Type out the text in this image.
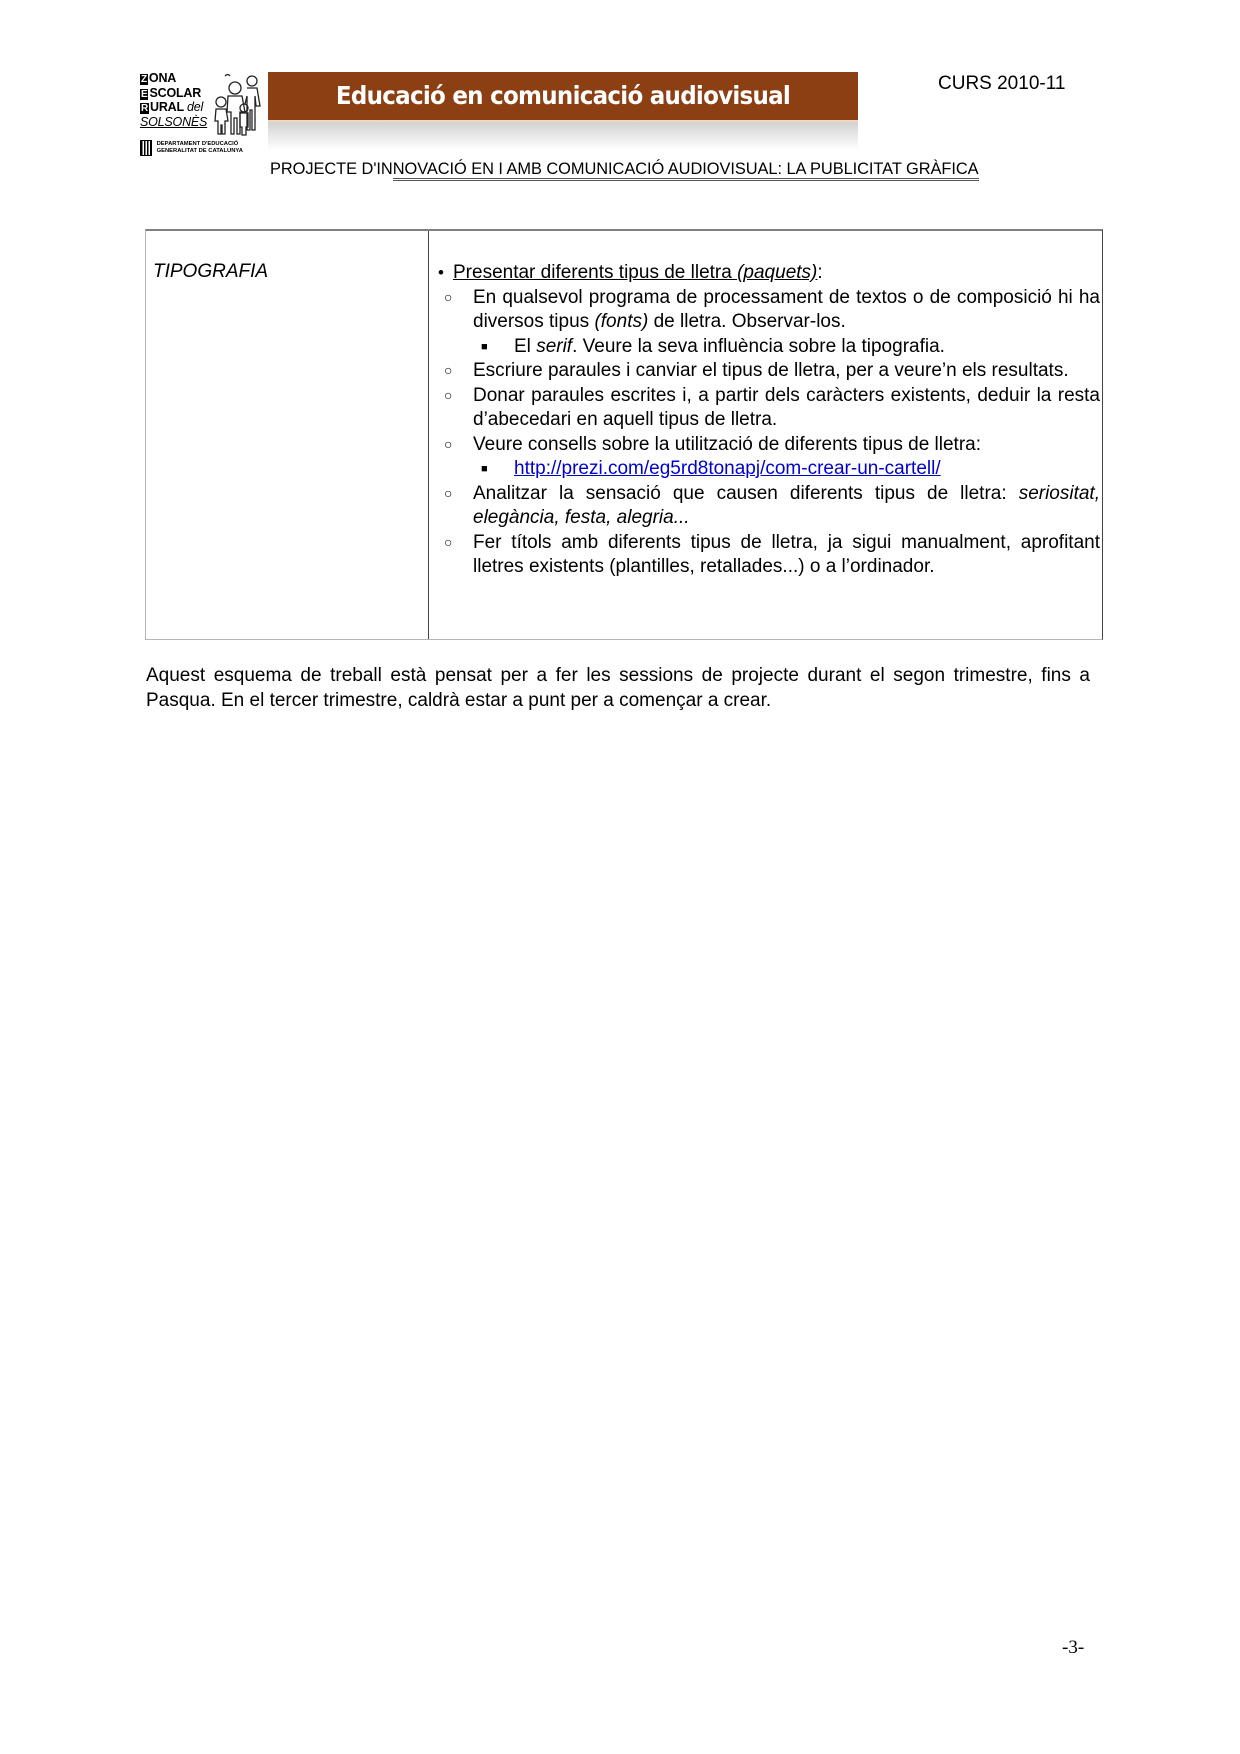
Z ONA
E SCOLAR
R URAL del
SOLSONÈS

DEPARTAMENT D'EDUCACIÓ
GENERALITAT DE CATALUNYA
Educació en comunicació audiovisual	CURS 2010-11
PROJECTE D'INNOVACIÓ EN I AMB COMUNICACIÓ AUDIOVISUAL: LA PUBLICITAT GRÀFICA
TIPOGRAFIA	• Presentar diferents tipus de lletra (paquets):
○ En qualsevol programa de processament de textos o de composició hi ha diversos tipus (fonts) de lletra. Observar-los.
■ El serif. Veure la seva influència sobre la tipografia.
○ Escriure paraules i canviar el tipus de lletra, per a veure’n els resultats.
○ Donar paraules escrites i, a partir dels caràcters existents, deduir la resta d’abecedari en aquell tipus de lletra.
○ Veure consells sobre la utilització de diferents tipus de lletra:
■ http://prezi.com/eg5rd8tonapj/com-crear-un-cartell/
○ Analitzar la sensació que causen diferents tipus de lletra: seriositat, elegància, festa, alegria...
○ Fer títols amb diferents tipus de lletra, ja sigui manualment, aprofitant lletres existents (plantilles, retallades...) o a l’ordinador.
Aquest esquema de treball està pensat per a fer les sessions de projecte durant el segon trimestre, fins a Pasqua. En el tercer trimestre, caldrà estar a punt per a començar a crear.
-3-
